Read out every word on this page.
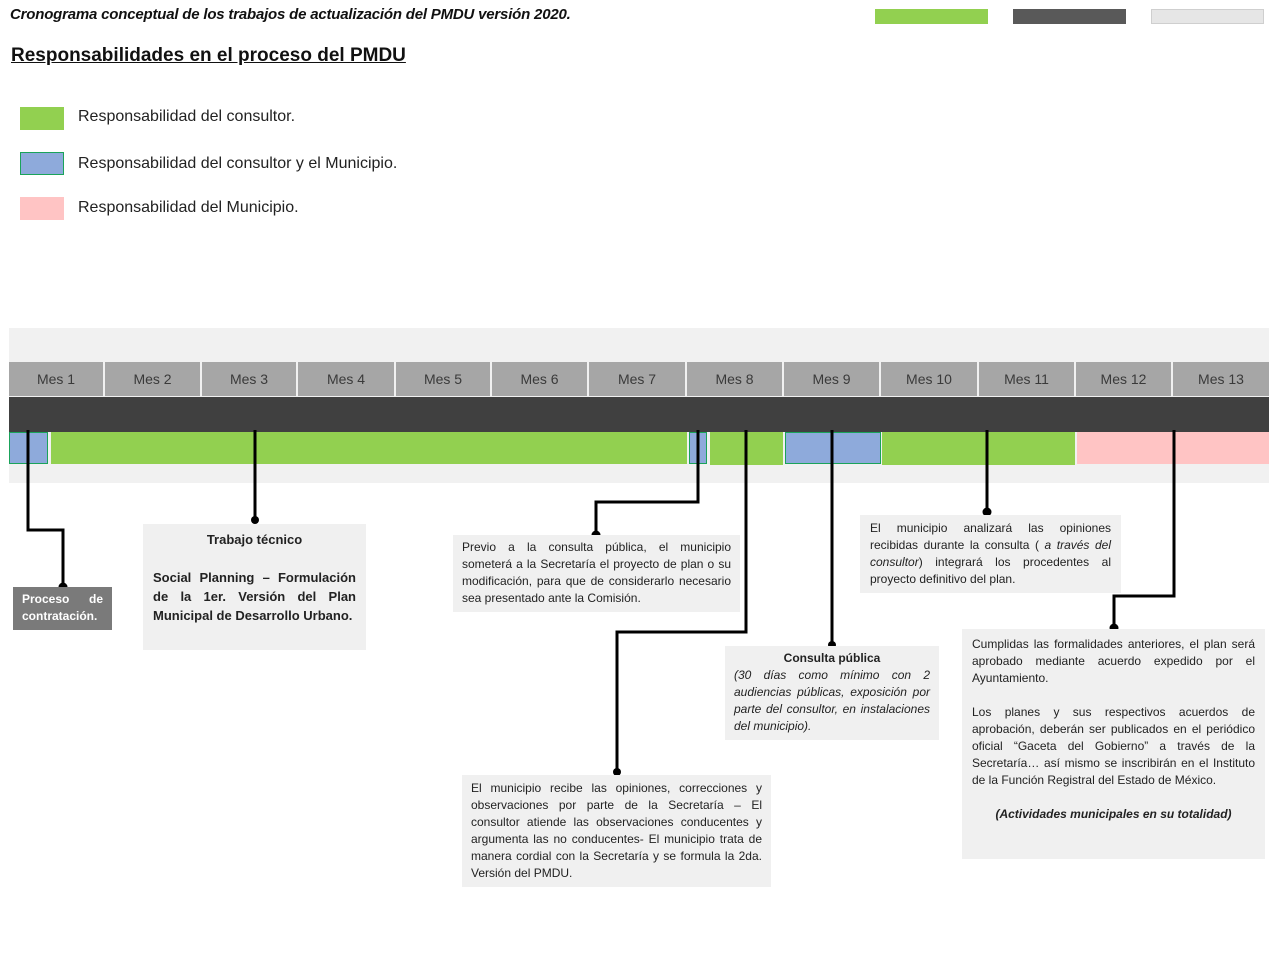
Cronograma conceptual de los trabajos de actualización del PMDU versión 2020.
Responsabilidades en el proceso del PMDU
Responsabilidad del consultor.
Responsabilidad del consultor y el Municipio.
Responsabilidad del Municipio.
Mes 1	Mes 2	Mes 3	Mes 4	Mes 5	Mes 6	Mes 7	Mes 8	Mes 9	Mes 10	Mes 11	Mes 12	Mes 13
Proceso de contratación.
Trabajo técnico
Social Planning – Formulación de la 1er. Versión del Plan Municipal de Desarrollo Urbano.
Previo a la consulta pública, el municipio someterá a la Secretaría el proyecto de plan o su modificación, para que de considerarlo necesario sea presentado ante la Comisión.
El municipio recibe las opiniones, correcciones y observaciones por parte de la Secretaría – El consultor atiende las observaciones conducentes y argumenta las no conducentes- El municipio trata de manera cordial con la Secretaría y se formula la 2da. Versión del PMDU.
Consulta pública
(30 días como mínimo con 2 audiencias públicas, exposición por parte del consultor, en instalaciones del municipio).
El municipio analizará las opiniones recibidas durante la consulta ( a través del consultor) integrará los procedentes al proyecto definitivo del plan.
Cumplidas las formalidades anteriores, el plan será aprobado mediante acuerdo expedido por el Ayuntamiento.
Los planes y sus respectivos acuerdos de aprobación, deberán ser publicados en el periódico oficial “Gaceta del Gobierno” a través de la Secretaría… así mismo se inscribirán en el Instituto de la Función Registral del Estado de México.
(Actividades municipales en su totalidad)
